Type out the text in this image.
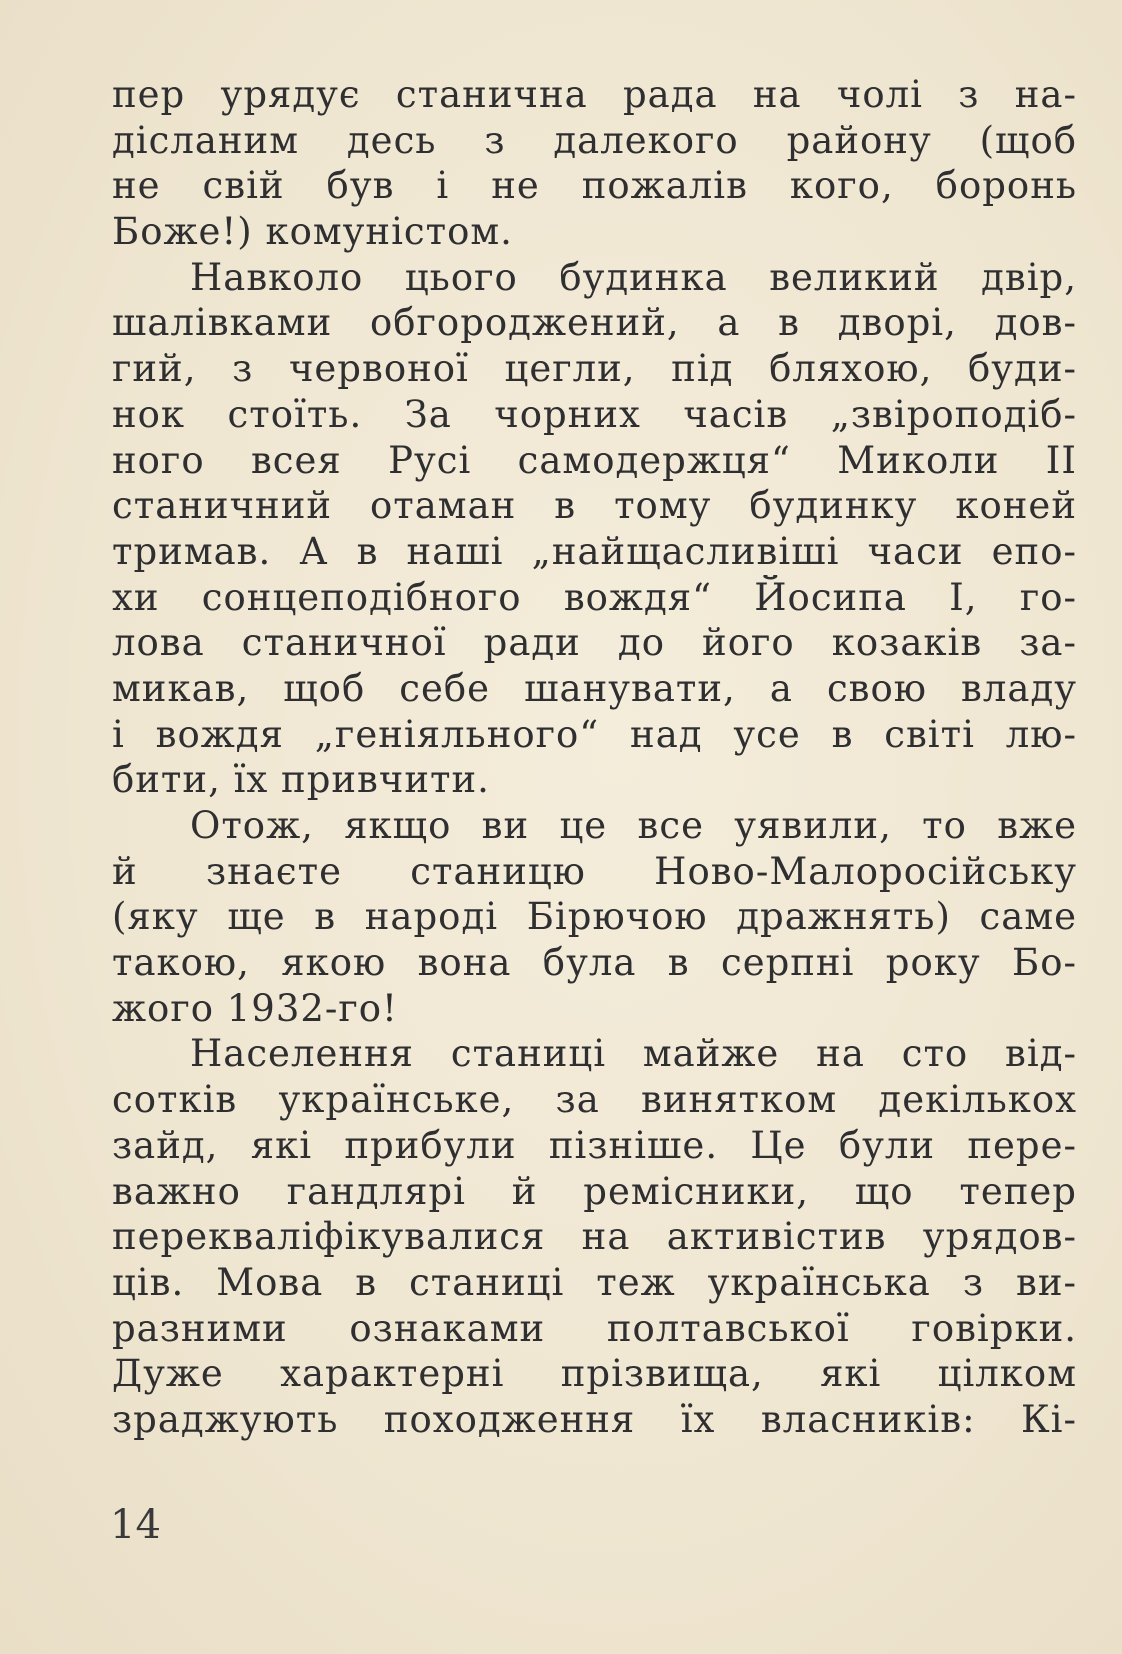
пер урядує станична рада на чолі з на-
дісланим десь з далекого району (щоб
не свій був і не пожалів кого, боронь
Боже!) комуністом.
Навколо цього будинка великий двір,
шалівками обгороджений, а в дворі, дов-
гий, з червоної цегли, під бляхою, буди-
нок стоїть. За чорних часів „звіроподіб-
ного всея Русі самодержця“ Миколи II
станичний отаман в тому будинку коней
тримав. А в наші „найщасливіші часи епо-
хи сонцеподібного вождя“ Йосипа I, го-
лова станичної ради до його козаків за-
микав, щоб себе шанувати, а свою владу
і вождя „геніяльного“ над усе в світі лю-
бити, їх привчити.
Отож, якщо ви це все уявили, то вже
й знаєте станицю Ново-Малоросійську
(яку ще в народі Бірючою дражнять) саме
такою, якою вона була в серпні року Бо-
жого 1932-го!
Населення станиці майже на сто від-
сотків українське, за винятком декількох
зайд, які прибули пізніше. Це були пере-
важно гандлярі й ремісники, що тепер
перекваліфікувалися на активістив урядов-
ців. Мова в станиці теж українська з ви-
разними ознаками полтавської говірки.
Дуже характерні прізвища, які цілком
зраджують походження їх власників: Кі-
14
